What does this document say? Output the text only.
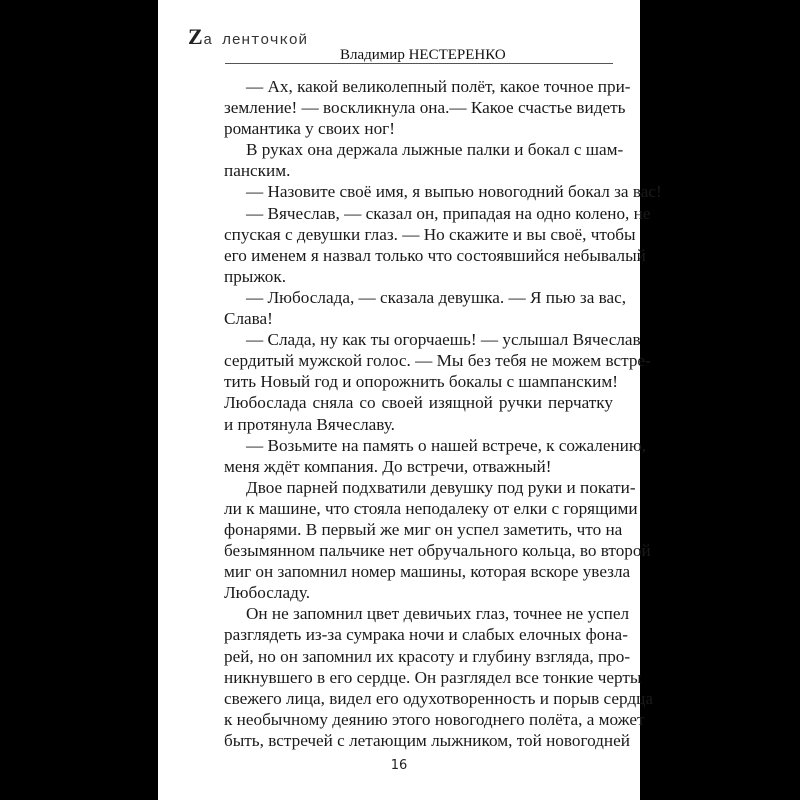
Za ленточкой
Владимир НЕСТЕРЕНКО
— Ах, какой великолепный полёт, какое точное при-
земление! — воскликнула она.— Какое счастье видеть
романтика у своих ног!
В руках она держала лыжные палки и бокал с шам-
панским.
— Назовите своё имя, я выпью новогодний бокал за вас!
— Вячеслав, — сказал он, припадая на одно колено, не
спуская с девушки глаз. — Но скажите и вы своё, чтобы
его именем я назвал только что состоявшийся небывалый
прыжок.
— Любослада, — сказала девушка. — Я пью за вас,
Слава!
— Слада, ну как ты огорчаешь! — услышал Вячеслав
сердитый мужской голос. — Мы без тебя не можем встре-
тить Новый год и опорожнить бокалы с шампанским!
Любослада сняла со своей изящной ручки перчатку
и протянула Вячеславу.
— Возьмите на память о нашей встрече, к сожалению,
меня ждёт компания. До встречи, отважный!
Двое парней подхватили девушку под руки и покати-
ли к машине, что стояла неподалеку от елки с горящими
фонарями. В первый же миг он успел заметить, что на
безымянном пальчике нет обручального кольца, во второй
миг он запомнил номер машины, которая вскоре увезла
Любосладу.
Он не запомнил цвет девичьих глаз, точнее не успел
разглядеть из-за сумрака ночи и слабых елочных фона-
рей, но он запомнил их красоту и глубину взгляда, про-
никнувшего в его сердце. Он разглядел все тонкие черты
свежего лица, видел его одухотворенность и порыв сердца
к необычному деянию этого новогоднего полёта, а может
быть, встречей с летающим лыжником, той новогодней
16
